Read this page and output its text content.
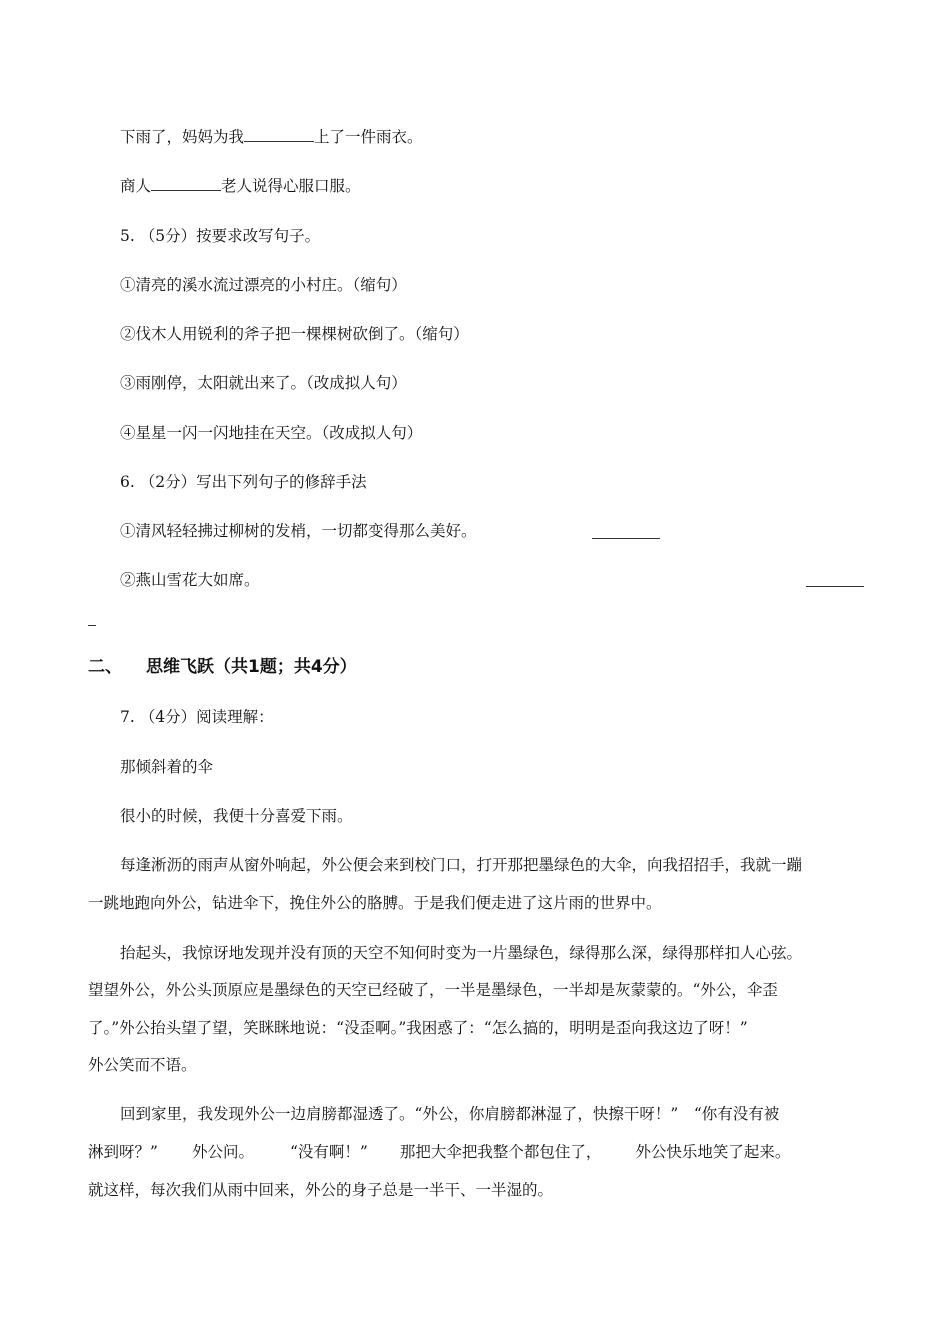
下雨了，妈妈为我	上了一件雨衣。
商人	老人说得心服口服。
5. （5分）按要求改写句子。
①清亮的溪水流过漂亮的小村庄。（缩句）
②伐木人用锐利的斧子把一棵棵树砍倒了。（缩句）
③雨刚停，太阳就出来了。（改成拟人句）
④星星一闪一闪地挂在天空。（改成拟人句）
6. （2分）写出下列句子的修辞手法
①清风轻轻拂过柳树的发梢，一切都变得那么美好。
②燕山雪花大如席。
二、 思维飞跃（共1题；共4分）
7. （4分）阅读理解：
那倾斜着的伞
很小的时候，我便十分喜爱下雨。
每逢淅沥的雨声从窗外响起，外公便会来到校门口，打开那把墨绿色的大伞，向我招招手，我就一蹦
一跳地跑向外公，钻进伞下，挽住外公的胳膊。于是我们便走进了这片雨的世界中。
抬起头，我惊讶地发现并没有顶的天空不知何时变为一片墨绿色，绿得那么深，绿得那样扣人心弦。
望望外公，外公头顶原应是墨绿色的天空已经破了，一半是墨绿色，一半却是灰蒙蒙的。“外公，伞歪
了。”外公抬头望了望，笑眯眯地说：“没歪啊。”我困惑了：“怎么搞的，明明是歪向我这边了呀！”
外公笑而不语。
回到家里，我发现外公一边肩膀都湿透了。“外公，你肩膀都淋湿了，快擦干呀！”　“你有没有被
淋到呀？” 外公问。 “没有啊！” 那把大伞把我整个都包住了， 外公快乐地笑了起来。
就这样，每次我们从雨中回来，外公的身子总是一半干、一半湿的。
